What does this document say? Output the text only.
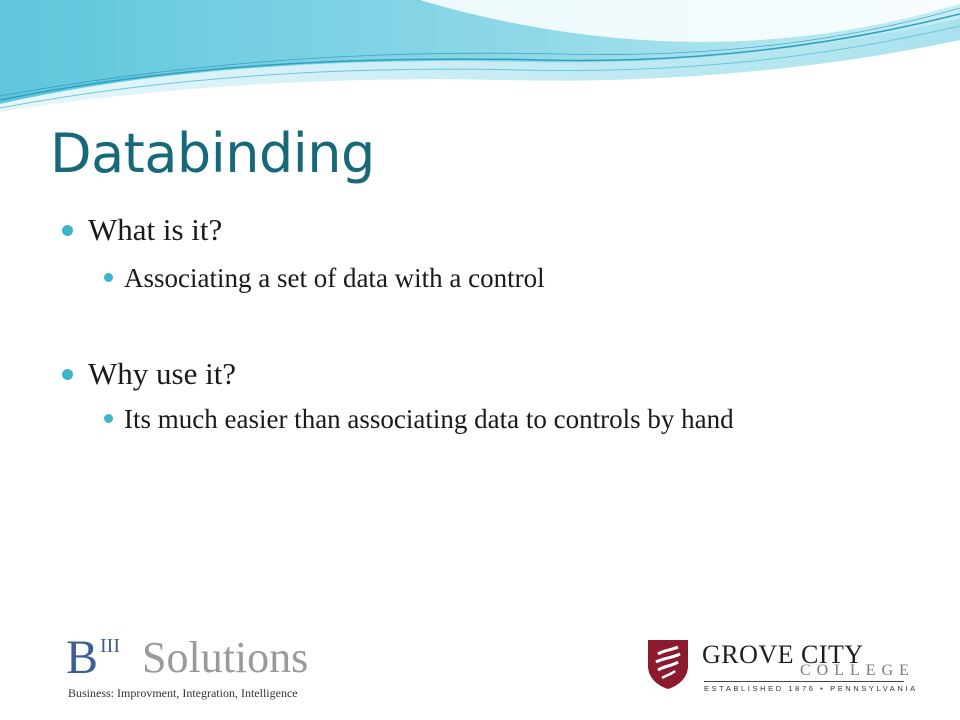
Databinding
What is it?
Associating a set of data with a control
Why use it?
Its much easier than associating data to controls by hand
B III Solutions
Business: Improvment, Integration, Intelligence
GROVE CITY
COLLEGE
ESTABLISHED 1876 • PENNSYLVANIA
